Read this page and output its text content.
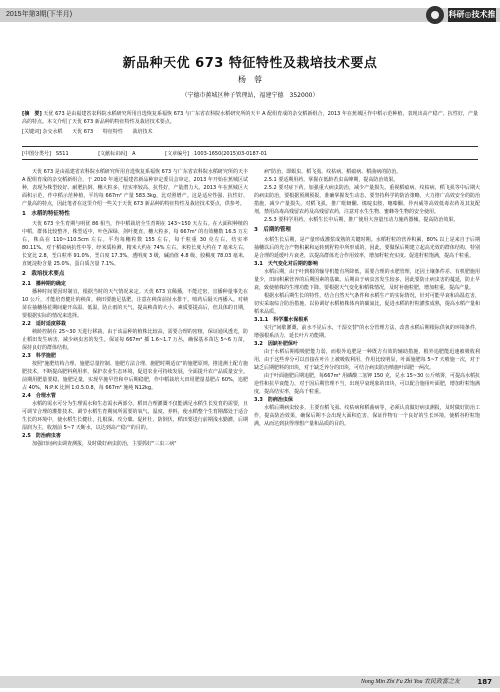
2015年第3期(下半月)	科研◎技术推广
新品种天优 673 特征特性及栽培技术要点
杨　蓉
（宁德市蕉城区种子管理站，福建宁德　352000）
[摘　要] 天优 673 是由福建省农科院水稻研究所用自选恢复系福恢 673 与广东省农科院水稻研究所的天丰 A 配组育成的杂交稻新组合，2013 年在蕉城区作中稻示范种植，表现出高产稳产、抗性好，产量高的特点。本文介绍了天优 673 新品种的特征特性及栽培技术要点。
[关键词] 杂交水稻 天优 673 特征特性 栽培技术
[中图分类号]　S511	[文献标识码]　A	[文章编号]　1003-1650(2015)03-0187-01

天优 673 是由福建省农科院水稻研究所用自选恢复系福恢 673 与广东省农科院水稻研究所的天丰 A 配组育成的杂交稻新组合，于 2010 年通过福建省新品种审定委员会审定。2013 年开始在蕉城区试种，表现为株型较好、耐肥抗倒、穗大粒多、结实率较高、抗性好，产量潜力大。2013 年在蕉城区大面积示范，作中稻示范种植，平均每 667m² 产量 583.3kg，比对照增产。这是适应性强、抗性好、产量高的特点，因此笔者在这里介绍一些关于天优 673 新品种的特征特性及栽培技术要点，供参考。

1　水稻的特征特性

天优 673 全生育期与明优 86 相当，作中稻栽培全生育期在 143~150 天左右。在大面积种植的中稻，群体比较整齐，株型适中，叶色深绿，剑叶挺直，穗大粒多，每 667m² 的有效穗数 16.5 万左右，株高在 110~110.5cm 左右。平均每穗粒数 155 左右，每千粒重 30 克左右，结实率 80.11%。对于稻瘟病抗性中等，经米质检测，精米大约在 74% 左右，米粒长度大约在 7 毫米左右，长宽比 2.8，垩白粒率 91.0%，垩白度 17.3%，透明度 3 级，碱消值 4.8 级，胶稠度 78.03 毫米，直链淀粉含量 25.0%，蛋白质含量 7.1%。

2　栽培技术要点

2.1　播种期的确定

播种时间要因时制宜，根据当时的天气情况来定。天优 673 宜稀播，不能过密，宜播种量事先在 10 公斤，才能培育健壮的秧苗。秧田要施足基肥，注意在秧苗前扯水排干，喷药后隔天再播入。对秧苗在抽穗扬花期间避开高温、低温，防止雨的天气，提高秧苗的大小、素质要提高后，但具体的日期，要根据实际的情况来选择。

2.2　适时适度移栽

秧龄控制在 25~30 天进行移栽，由于该品种的植株比较高，需要合理的密植，保证通风透光，防止稻田发生病害，减少病虫害的发生。保证每 667m² 插 1.6~1.7 万丛，确保基本苗达 5~6 万苗，保持良好的群体结构。

2.3　科学施肥

按照"施肥结构合理、施肥总量控制、施肥方法合理、施肥时期适宜"的施肥原则，推进测土配方施肥技术，不断提高肥料利用率，保护农业生态环境，促进农业可持续发展，全面提升农产品质量安全。前期用肥量要稳，施肥足量，实现早施早管和中后期稳肥，作中稻栽培大田用肥量基肥占 60%，追肥占 40%，N:P:K 比例 1:0.5:0.8，每 667m² 施纯 N12kg。

2.4　合理水管

水稻的需水可分为生理需水和生态需水两部分。稻田合理灌溉不仅能满足水稻生长发育的需要，且可调节合理的灌排技术，调节水稻生育期间所需要的氧气、温度、养料，使水稻整个生育期都处于适合生长的环境中，使水稻生长健壮、扎根深、攻分蘖、促秆壮、防倒伏，稻田要进行前期浅水勤灌，后期湿润为主，收割前 5~7 天断水，以达到高产稳产的目的。

2.5　防治病虫害

加强田间病虫调查测报，及时做好病虫防治，主要抓好"三虫三病"

病"防治，即螟虫、稻飞虱、纹枯病、稻瘟病、稻曲病的防治。

2.5.1 要适期用药，掌握在低龄若虫高峰期，提高防治效果。

2.5.2 要对症下药。加强重大病虫防治，减少产量损失。重视稻瘟病、纹枯病、稻飞虱等中后期大的病虫防治，要根据预测预报，准确掌握发生动态，要坚持科学的防治策略，大力推广高效安全的防治措施，减少产量损失。对稻飞虱，推广吡蚜酮、烯啶虫胺、噻嗪酮、异丙威等高效低毒农药及其复配剂，禁用高毒高残留农药及高残留农药，注意对水生生物、蜜蜂等生物的安全使用。

2.5.3 要科学用药，水稻生长中后期，推广使用大容量压动力施药器械，提高防治效果。

3　后期的管理

水稻生长后期，是产量形成灌浆成熟的关键时期。水稻籽粒的营养积累，80% 以上是来自于后期抽穗以后的光合产物积累和运转到籽粒中所形成的。因此，要做保后期建立起高光效的群体结构，特别是合理的延缓叶片衰老，以提高群体光合作用效率，增加籽粒充实度。促进籽粒饱满，提高千粒重。

3.1　天气变化对后期的影响

水稻后期，由于叶到根的输导机能有所降低，需要合理的水肥管理，还因土壤条件差、有机肥施用量少，田间积累营养的后期因素的基础。后期由于病虫害发生较多，因此要防止病虫害的蔓延，防止早衰，致使植株的生理功能下降。要根据天气变化和稻株情况，及时补施粒肥，增加粒重，提高产量。

根据水稻后期生长的特性，结合自然天气条件和水稻生产的实际情况，针对可能早衰和高温危害，切实采取综合防治措施，以协调好水稻植株体内的碳氮比，促进水稻的籽粒灌浆成熟，提高水稻产量和稻米品质。

3.1.1　科学灌水保根系

实行"间歇灌溉，前水不见后水，干湿交替"的水分管理方法，改善水稻后期根际供氧的环境条件，增强根系活力，延长叶片功能期。

3.2　因缺补肥保叶

由于水稻后期根吸肥能力弱，而根外追肥是一种既方有效的辅助措施，根外追肥能迅速被吸收利用，由于这些养分可以直接在叶片上被吸收利用，作用比较明显，叶面施肥每 5~7 天喷施一次，对于缺乏后期肥料的田块，对于缺乏养分的田块，可结合病虫防治喷施叶面肥一两次。

由于叶面施肥后期追肥，每667m² 用磷酸二氢钾 150 克，兑水 15~30 公斤喷雾，可提高水稻抗逆性和抗早衰能力，对于因后期管理不当，出现早衰现象的田块，可以配合施用叶面肥，增加籽粒饱满度，提高结实率，提高千粒重。

3.3　防病治虫保

水稻后期病虫较多，主要有稻飞虱、纹枯病和稻曲病等，必须认真做好病虫测报，及时做好防治工作，提高防治效果，确保后期不会出现大面积危害，保证作物有一个良好的生长环境，使稻谷籽粒饱满，从而达到获得理想产量和品质的目的。

Nong Min Zhi Fu Zhi You 农民致富之友 187
